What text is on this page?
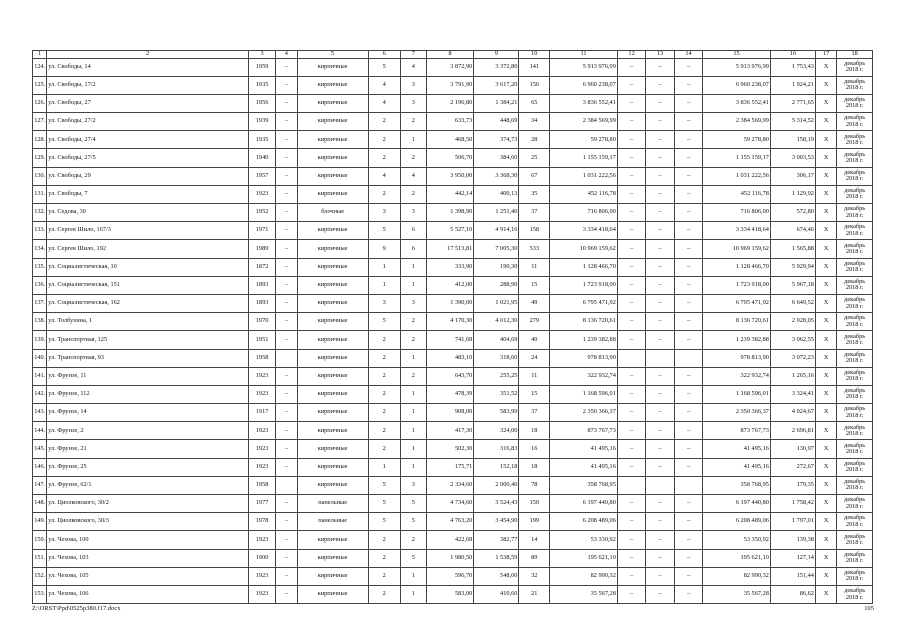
1	2	3	4	5	6	7	8	9	10	11	12	13	14	15	16	17	18
124.	ул. Свободы, 14	1959	–	кирпичные	5	4	3 872,90	3 372,80	141	5 913 976,99	–	–	–	5 913 976,99	1 753,43	X	декабрь 2018 г.
125.	ул. Свободы, 17/2	1935	–	кирпичные	4	3	3 791,90	3 617,20	156	6 960 238,07	–	–	–	6 960 238,07	1 924,21	X	декабрь 2018 г.
126.	ул. Свободы, 27	1956	–	кирпичные	4	3	2 196,80	1 384,21	65	3 836 552,41	–	–	–	3 836 552,41	2 771,65	X	декабрь 2018 г.
127.	ул. Свободы, 27/2	1939	–	кирпичные	2	2	633,73	448,69	34	2 384 569,99	–	–	–	2 384 569,99	5 314,52	X	декабрь 2018 г.
128.	ул. Свободы, 27/4	1935	–	кирпичные	2	1	468,50	374,73	28	59 278,80	–	–	–	59 278,80	158,19	X	декабрь 2018 г.
129.	ул. Свободы, 27/5	1940	–	кирпичные	2	2	506,70	384,60	25	1 155 159,17	–	–	–	1 155 159,17	3 003,53	X	декабрь 2018 г.
130.	ул. Свободы, 29	1957	–	кирпичные	4	4	3 950,00	3 368,30	67	1 031 222,56	–	–	–	1 031 222,56	306,17	X	декабрь 2018 г.
131.	ул. Свободы, 7	1923	–	кирпичные	2	2	442,14	400,13	35	452 116,78	–	–	–	452 116,78	1 129,92	X	декабрь 2018 г.
132.	ул. Седова, 30	1952	–	блочные	3	3	1 398,90	1 251,40	37	716 806,00	–	–	–	716 806,00	572,80	X	декабрь 2018 г.
133.	ул. Сергея Шило, 167/3	1971	–	кирпичные	5	6	5 527,10	4 914,16	158	3 334 418,64	–	–	–	3 334 418,64	674,46	X	декабрь 2018 г.
134.	ул. Сергея Шило, 192	1989	–	кирпичные	9	6	17 513,81	7 005,30	533	10 969 159,62	–	–	–	10 969 159,62	1 565,88	X	декабрь 2018 г.
135.	ул. Социалистическая, 10	1872	–	кирпичные	1	1	333,90	190,30	11	1 128 466,70	–	–	–	1 128 466,70	5 929,94	X	декабрь 2018 г.
136.	ул. Социалистическая, 151	1893	–	кирпичные	1	1	412,00	288,90	15	1 723 918,00	–	–	–	1 723 918,00	5 967,18	X	декабрь 2018 г.
137.	ул. Социалистическая, 162	1893	–	кирпичные	3	3	1 390,00	1 021,95	49	6 795 471,92	–	–	–	6 795 471,92	6 649,52	X	декабрь 2018 г.
138.	ул. Толбухина, 1	1970	–	кирпичные	5	2	4 170,30	4 012,30	279	8 136 720,61	–	–	–	8 136 720,61	2 028,05	X	декабрь 2018 г.
139.	ул. Транспортная, 125	1951	–	кирпичные	2	2	741,68	404,69	40	1 239 382,88	–	–	–	1 239 382,88	3 062,55	X	декабрь 2018 г.
140.	ул. Транспортная, 93	1958		кирпичные	2	1	483,10	318,60	24	978 813,90				978 813,90	3 072,23	X	декабрь 2018 г.
141.	ул. Фрунзе, 11	1923	–	кирпичные	2	2	643,70	255,25	11	322 932,74	–	–	–	322 932,74	1 265,16	X	декабрь 2018 г.
142.	ул. Фрунзе, 112	1923	–	кирпичные	2	1	478,39	351,52	15	1 168 596,01	–	–	–	1 168 596,01	3 324,41	X	декабрь 2018 г.
143.	ул. Фрунзе, 14	1917	–	кирпичные	2	1	908,00	583,99	37	2 350 366,37	–	–	–	2 350 366,37	4 024,67	X	декабрь 2018 г.
144.	ул. Фрунзе, 2	1923	–	кирпичные	2	1	417,30	324,00	18	873 767,73	–	–	–	873 767,73	2 696,81	X	декабрь 2018 г.
145.	ул. Фрунзе, 21	1923	–	кирпичные	2	1	502,30	316,83	16	41 495,16	–	–	–	41 495,16	130,97	X	декабрь 2018 г.
146.	ул. Фрунзе, 25	1923	–	кирпичные	1	1	175,71	152,18	18	41 495,16	–	–	–	41 495,16	272,67	X	декабрь 2018 г.
147.	ул. Фрунзе, 62/1	1958		кирпичные	5	3	2 334,60	2 000,40	78	358 768,95				358 768,95	179,35	X	декабрь 2018 г.
148.	ул. Циолковского, 30/2	1977	–	панельные	5	5	4 734,60	3 524,43	150	6 197 440,80	–	–	–	6 197 440,80	1 758,42	X	декабрь 2018 г.
149.	ул. Циолковского, 30/3	1978	–	панельные	5	5	4 763,20	3 454,90	199	6 208 489,06	–	–	–	6 208 489,06	1 797,01	X	декабрь 2018 г.
150.	ул. Чехова, 100	1923	–	кирпичные	2	2	422,68	382,77	14	53 330,92	–	–	–	53 350,92	139,38	X	декабрь 2018 г.
151.	ул. Чехова, 103	1900	–	кирпичные	2	5	1 980,50	1 538,59	89	195 621,10	–	–	–	195 621,10	127,14	X	декабрь 2018 г.
152.	ул. Чехова, 105	1923	–	кирпичные	2	1	596,70	548,00	32	82 990,32	–	–	–	82 990,32	151,44	X	декабрь 2018 г.
153.	ул. Чехова, 106	1923	–	кирпичные	2	1	583,00	410,60	21	35 567,28	–	–	–	35 567,28	86,62	X	декабрь 2018 г.
Z:\ORST\Ppd\0525p380.f17.docx	105
